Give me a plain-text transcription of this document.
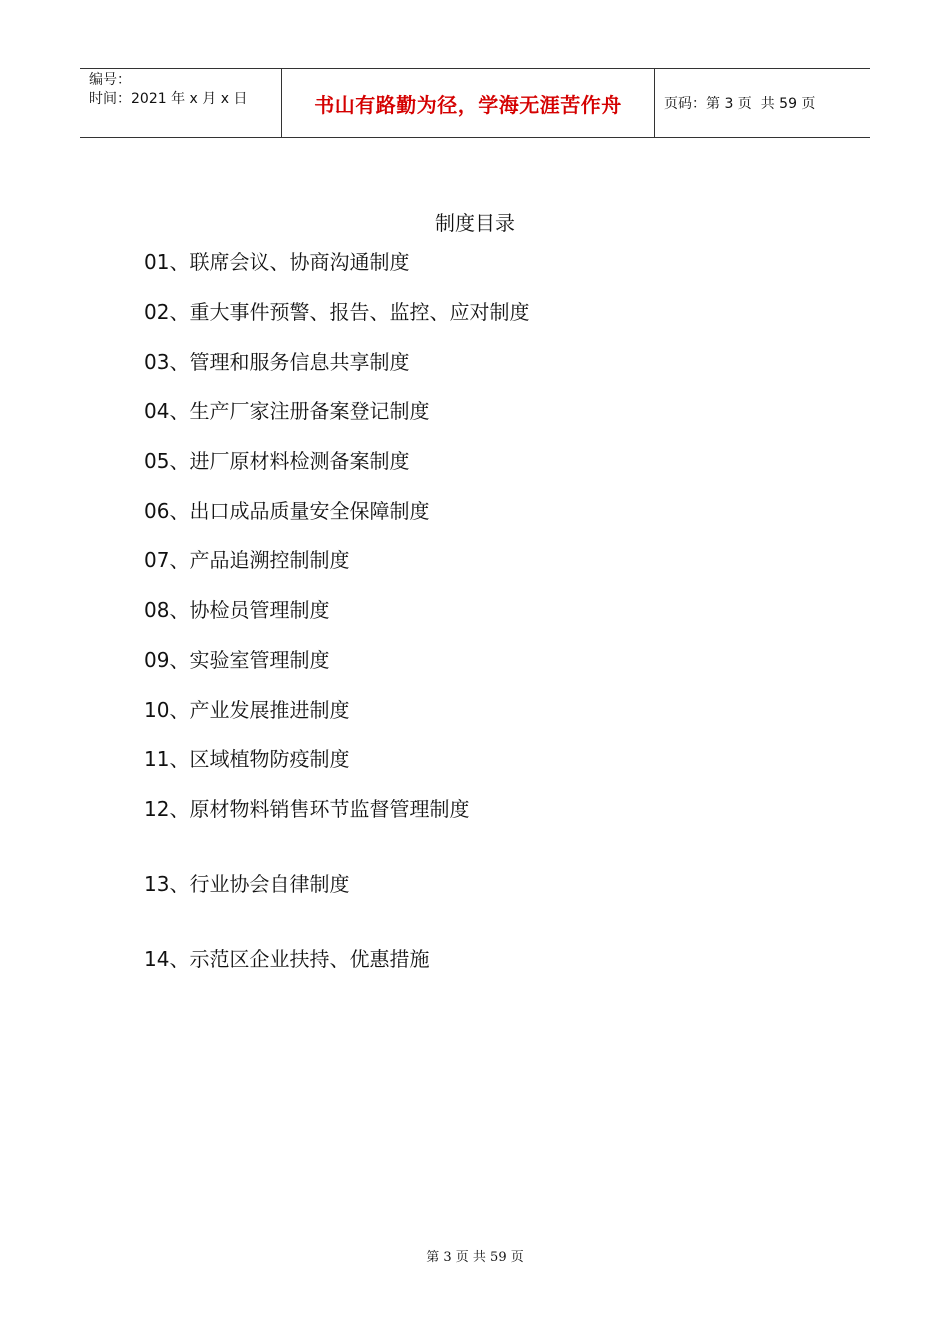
编号：
时间：2021 年 x 月 x 日	书山有路勤为径，学海无涯苦作舟	页码：第 3 页  共 59 页
制度目录
01、联席会议、协商沟通制度
02、重大事件预警、报告、监控、应对制度
03、管理和服务信息共享制度
04、生产厂家注册备案登记制度
05、进厂原材料检测备案制度
06、出口成品质量安全保障制度
07、产品追溯控制制度
08、协检员管理制度
09、实验室管理制度
10、产业发展推进制度
11、区域植物防疫制度
12、原材物料销售环节监督管理制度
13、行业协会自律制度
14、示范区企业扶持、优惠措施
第 3 页 共 59 页
